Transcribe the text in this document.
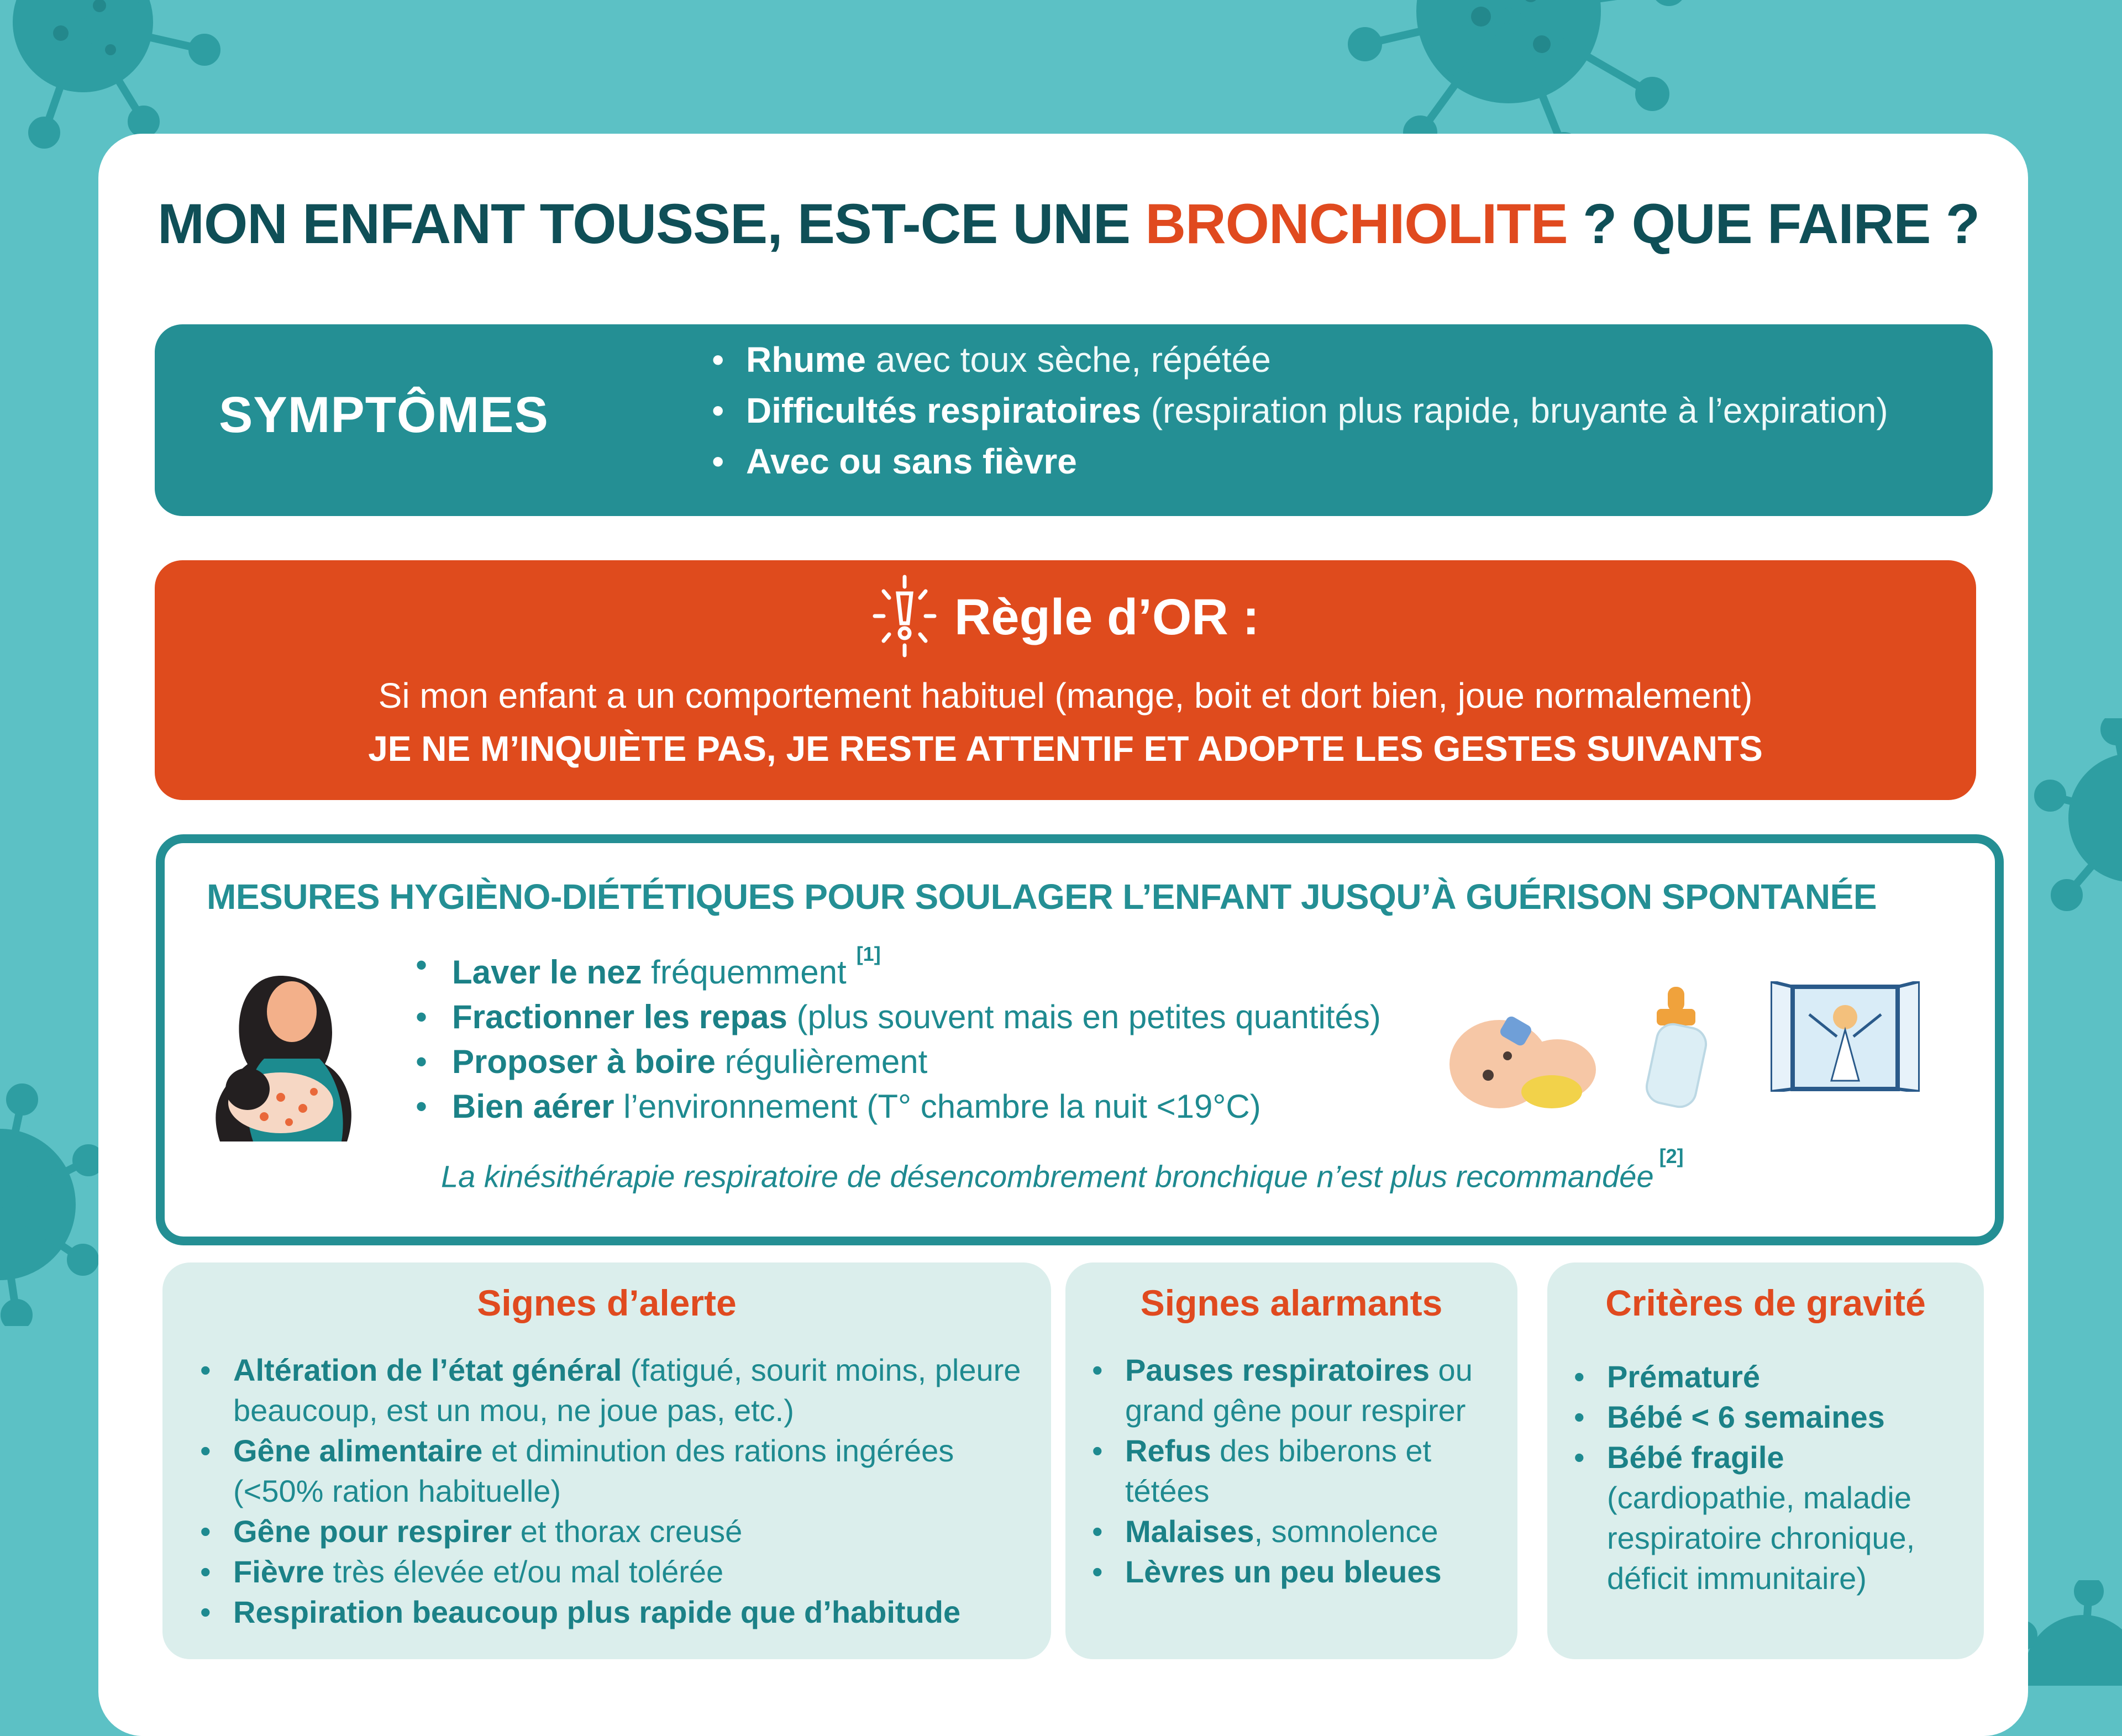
MON ENFANT TOUSSE, EST-CE UNE BRONCHIOLITE ? QUE FAIRE ?
SYMPTÔMES
• Rhume avec toux sèche, répétée
• Difficultés respiratoires (respiration plus rapide, bruyante à l’expiration)
• Avec ou sans fièvre
Règle d’OR :

Si mon enfant a un comportement habituel (mange, boit et dort bien, joue normalement)

JE NE M’INQUIÈTE PAS, JE RESTE ATTENTIF ET ADOPTE LES GESTES SUIVANTS

MESURES HYGIÈNO-DIÉTÉTIQUES POUR SOULAGER L’ENFANT JUSQU’À GUÉRISON SPONTANÉE
• Laver le nez fréquemment [1]
• Fractionner les repas (plus souvent mais en petites quantités)
• Proposer à boire régulièrement
• Bien aérer l’environnement (T° chambre la nuit <19°C)

La kinésithérapie respiratoire de désencombrement bronchique n’est plus recommandée[2]

Signes d’alerte
• Altération de l’état général (fatigué, sourit moins, pleure beaucoup, est un mou, ne joue pas, etc.)
• Gêne alimentaire et diminution des rations ingérées (<50% ration habituelle)
• Gêne pour respirer et thorax creusé
• Fièvre très élevée et/ou mal tolérée
• Respiration beaucoup plus rapide que d’habitude
Signes alarmants
• Pauses respiratoires ou grand gêne pour respirer
• Refus des biberons et tétées
• Malaises, somnolence
• Lèvres un peu bleues
Critères de gravité
• Prématuré
• Bébé < 6 semaines
• Bébé fragile
(cardiopathie, maladie respiratoire chronique, déficit immunitaire)
